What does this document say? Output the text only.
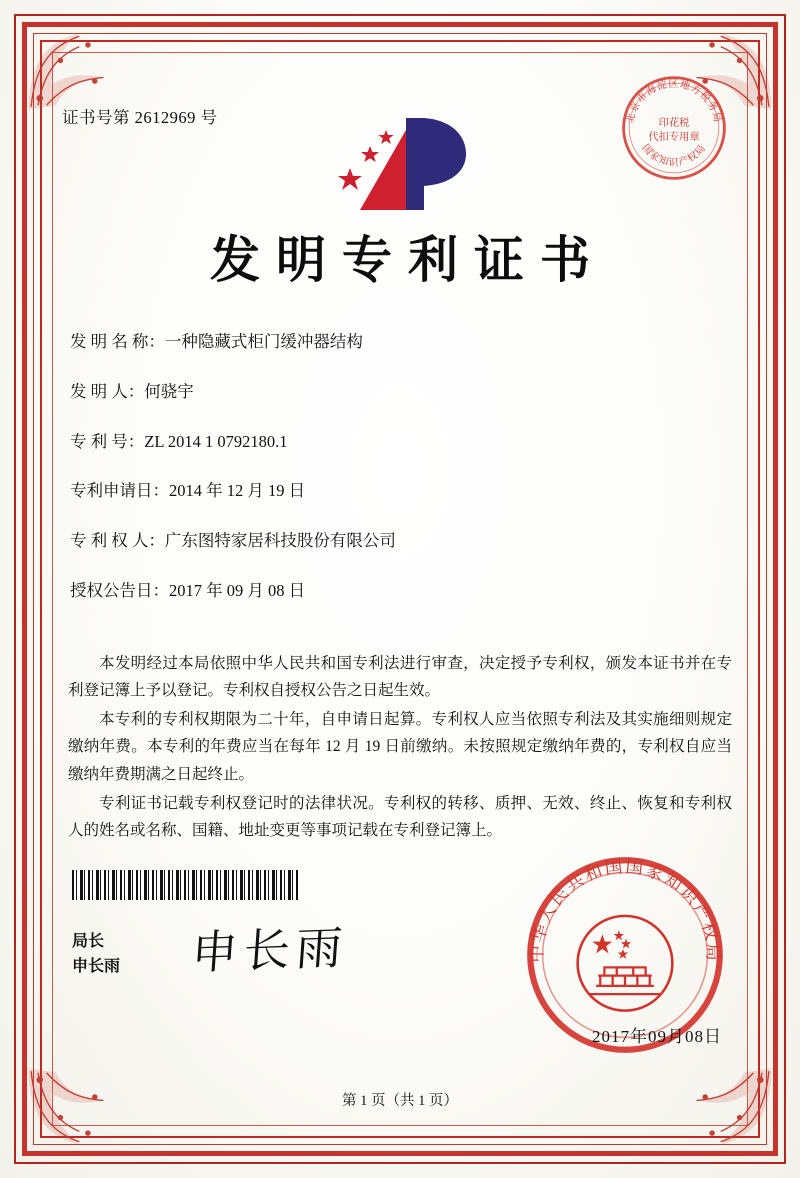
证书号第 2612969 号	北京市海淀区地方税务局
国家知识产权局
印花税
代扣专用章
发明专利证书
发 明 名 称：一种隐藏式柜门缓冲器结构
发 明 人：何骁宇
专 利 号：ZL 2014 1 0792180.1
专利申请日：2014 年 12 月 19 日
专 利 权 人：广东图特家居科技股份有限公司
授权公告日：2017 年 09 月 08 日

本发明经过本局依照中华人民共和国专利法进行审查，决定授予专利权，颁发本证书并在专利登记簿上予以登记。专利权自授权公告之日起生效。

本专利的专利权期限为二十年，自申请日起算。专利权人应当依照专利法及其实施细则规定缴纳年费。本专利的年费应当在每年 12 月 19 日前缴纳。未按照规定缴纳年费的，专利权自应当缴纳年费期满之日起终止。

专利证书记载专利权登记时的法律状况。专利权的转移、质押、无效、终止、恢复和专利权人的姓名或名称、国籍、地址变更等事项记载在专利登记簿上。

局长
申长雨 申长雨	中华人民共和国国家知识产权局
2017年09月08日
第 1 页（共 1 页）
